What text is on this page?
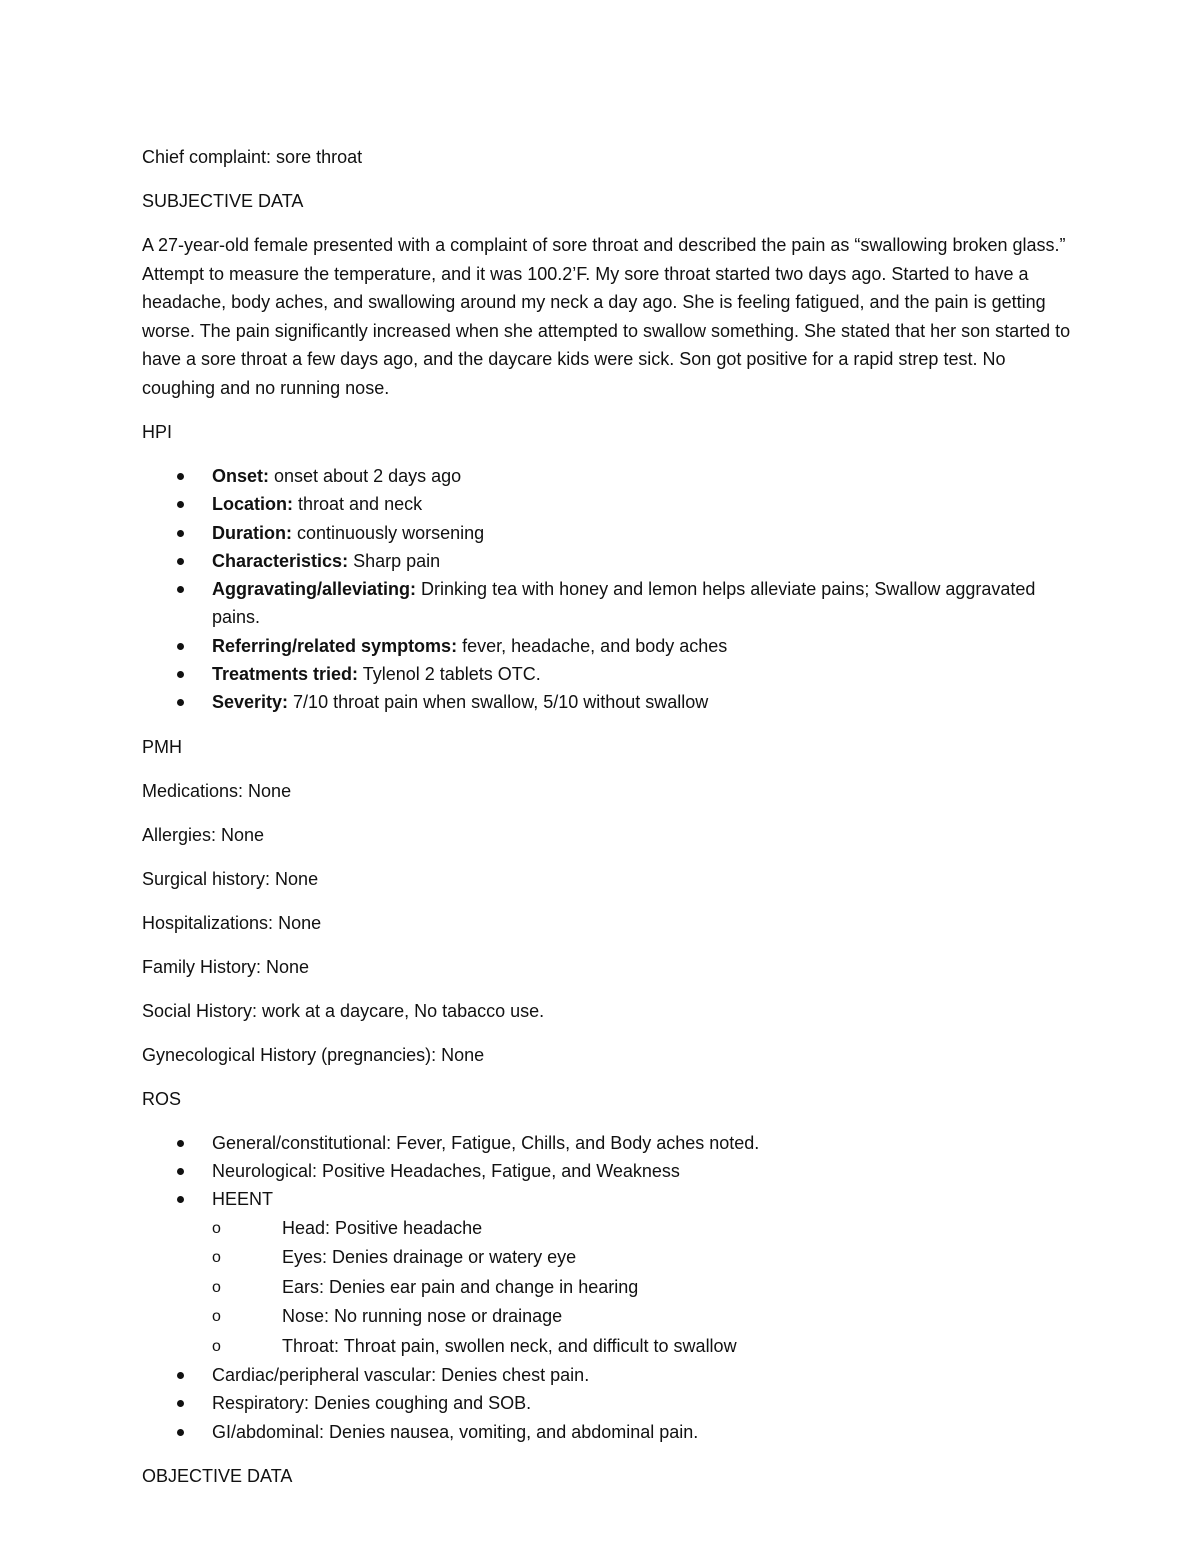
Chief complaint: sore throat

SUBJECTIVE DATA

A 27-year-old female presented with a complaint of sore throat and described the pain as “swallowing broken glass.” Attempt to measure the temperature, and it was 100.2’F. My sore throat started two days ago. Started to have a headache, body aches, and swallowing around my neck a day ago. She is feeling fatigued, and the pain is getting worse. The pain significantly increased when she attempted to swallow something. She stated that her son started to have a sore throat a few days ago, and the daycare kids were sick. Son got positive for a rapid strep test. No coughing and no running nose.

HPI

Onset: onset about 2 days ago
Location: throat and neck
Duration: continuously worsening
Characteristics: Sharp pain
Aggravating/alleviating: Drinking tea with honey and lemon helps alleviate pains; Swallow aggravated pains.
Referring/related symptoms: fever, headache, and body aches
Treatments tried: Tylenol 2 tablets OTC.
Severity: 7/10 throat pain when swallow, 5/10 without swallow

PMH

Medications: None

Allergies: None

Surgical history: None

Hospitalizations: None

Family History: None

Social History: work at a daycare, No tabacco use.

Gynecological History (pregnancies): None

ROS

General/constitutional: Fever, Fatigue, Chills, and Body aches noted.
Neurological: Positive Headaches, Fatigue, and Weakness
HEENT
o	Head: Positive headache
o	Eyes: Denies drainage or watery eye
o	Ears: Denies ear pain and change in hearing
o	Nose: No running nose or drainage
o	Throat: Throat pain, swollen neck, and difficult to swallow
Cardiac/peripheral vascular: Denies chest pain.
Respiratory: Denies coughing and SOB.
GI/abdominal: Denies nausea, vomiting, and abdominal pain.

OBJECTIVE DATA
